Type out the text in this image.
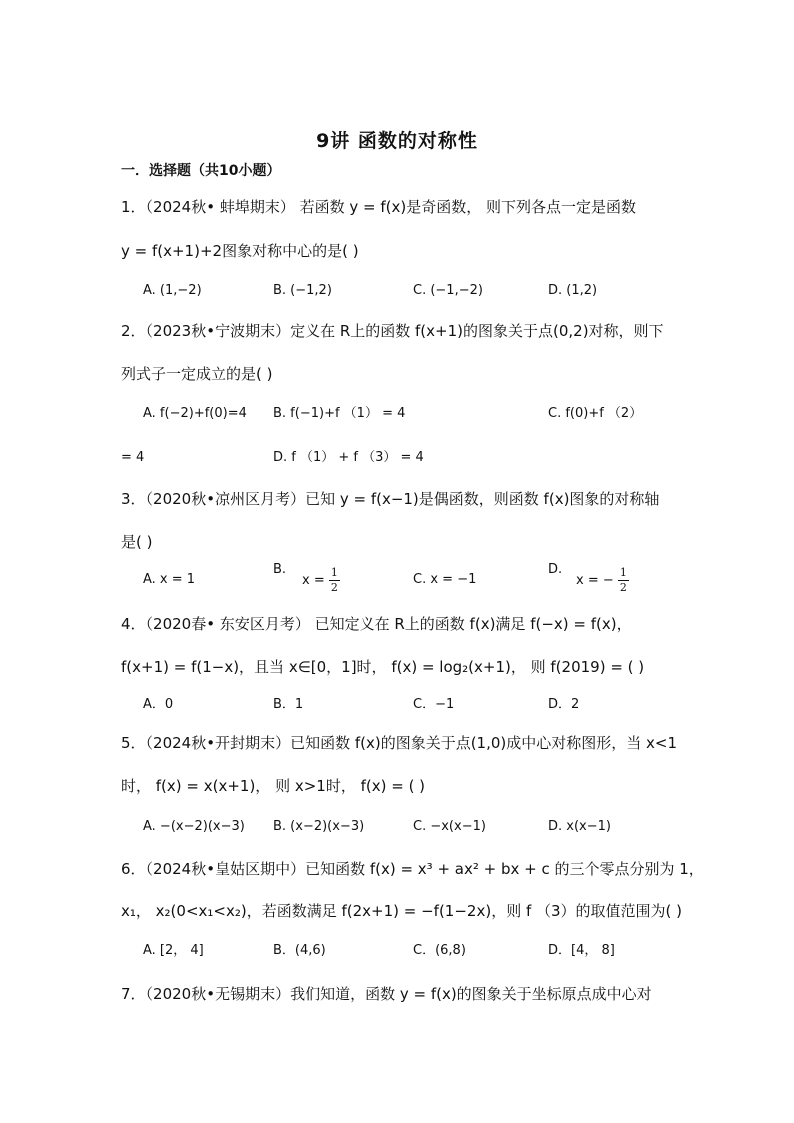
9讲 函数的对称性
一．选择题（共10小题）
1．（2024秋• 蚌埠期末） 若函数 y = f(x)是奇函数， 则下列各点一定是函数
y = f(x+1)+2图象对称中心的是( )
A. (1,−2)	B. (−1,2)	C. (−1,−2)	D. (1,2)
2．（2023秋•宁波期末）定义在 R上的函数 f(x+1)的图象关于点(0,2)对称，则下
列式子一定成立的是( )
A. f(−2)+f(0)=4 B. f(−1)+f （1） = 4	C. f(0)+f （2）
= 4	D. f （1） + f （3） = 4
3．（2020秋•凉州区月考）已知 y = f(x−1)是偶函数，则函数 f(x)图象的对称轴
是( )
A. x = 1
B.
$x = \frac{1}{2}$	C. x = −1
D.
x = − $\frac{1}{2}$
4．（2020春• 东安区月考） 已知定义在 R上的函数 f(x)满足 f(−x) = f(x)，
f(x+1) = f(1−x)，且当 x∈[0，1]时， f(x) = log₂(x+1)， 则 f(2019) = ( )
A．0	B．1	C．−1	D．2
5．（2024秋•开封期末）已知函数 f(x)的图象关于点(1,0)成中心对称图形，当 x<1
时， f(x) = x(x+1)， 则 x>1时， f(x) = ( )
A. −(x−2)(x−3) B. (x−2)(x−3)	C. −x(x−1)	D. x(x−1)
6．（2024秋•皇姑区期中）已知函数 f(x) = x³ + ax² + bx + c 的三个零点分别为 1，
x₁， x₂(0<x₁<x₂)，若函数满足 f(2x+1) = −f(1−2x)，则 f （3）的取值范围为( )
A. [2， 4]	B．(4,6)	C．(6,8)	D．[4， 8]
7．（2020秋•无锡期末）我们知道，函数 y = f(x)的图象关于坐标原点成中心对
